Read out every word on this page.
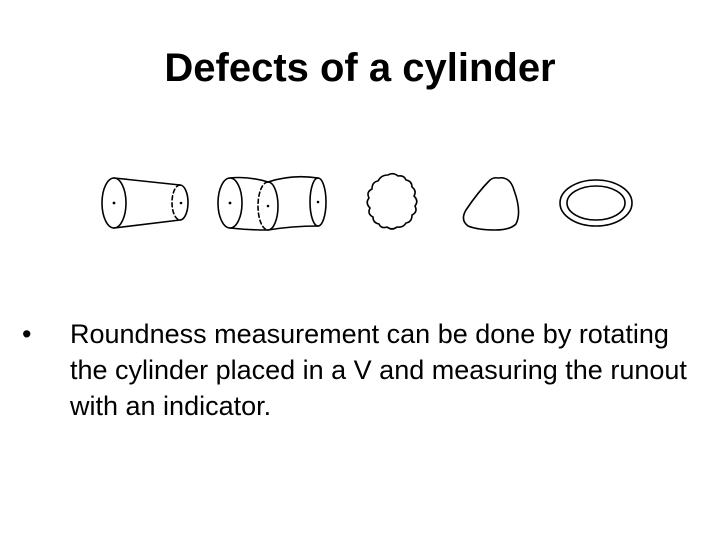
Defects of a cylinder
•	Roundness measurement can be done by rotating the cylinder placed in a V and measuring the runout with an indicator.
